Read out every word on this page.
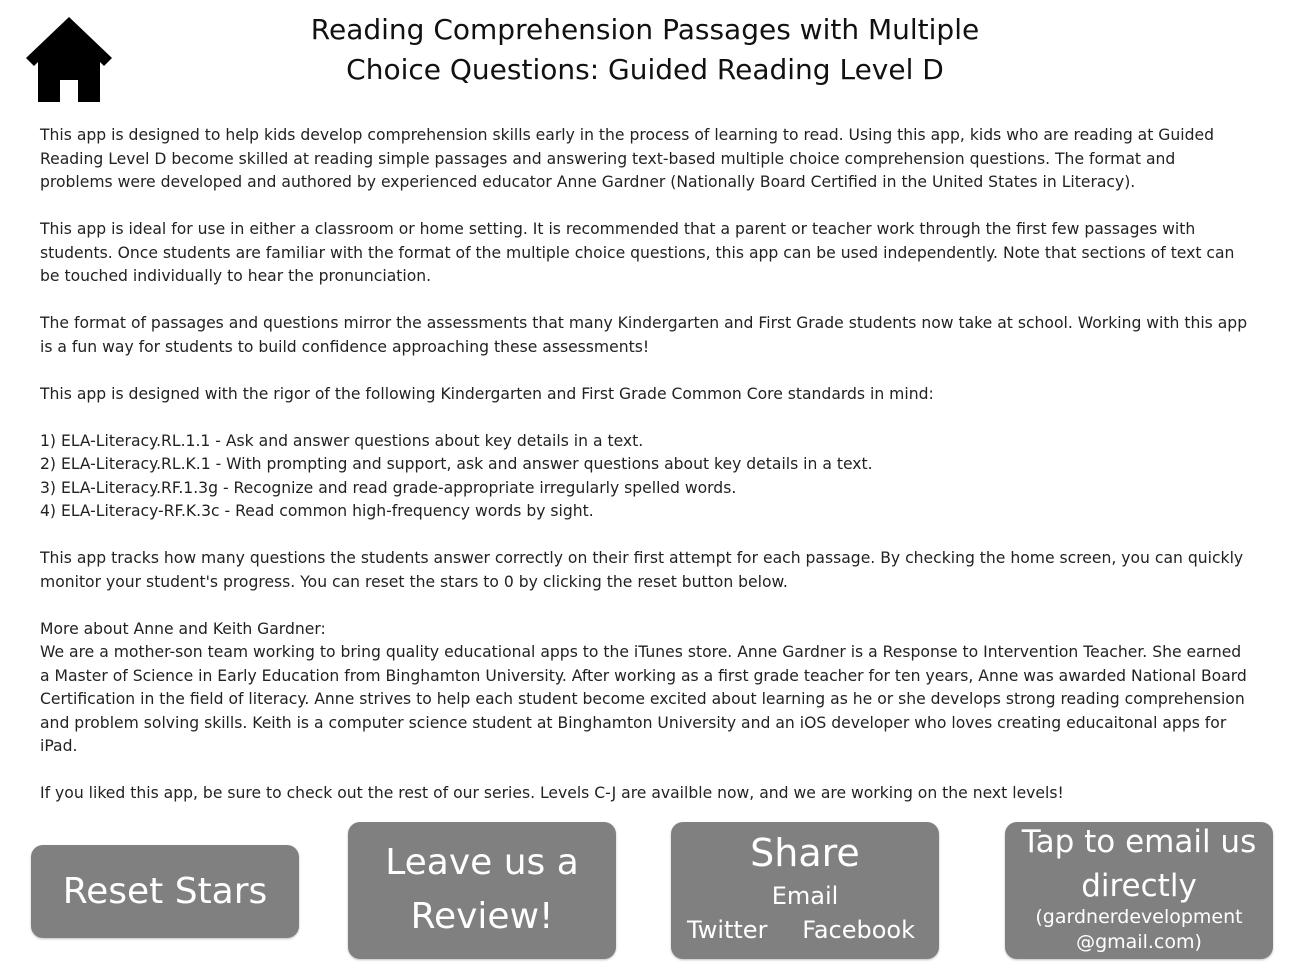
Reading Comprehension Passages with Multiple
Choice Questions: Guided Reading Level D

This app is designed to help kids develop comprehension skills early in the process of learning to read. Using this app, kids who are reading at Guided Reading Level D become skilled at reading simple passages and answering text-based multiple choice comprehension questions. The format and problems were developed and authored by experienced educator Anne Gardner (Nationally Board Certified in the United States in Literacy).

This app is ideal for use in either a classroom or home setting. It is recommended that a parent or teacher work through the first few passages with students. Once students are familiar with the format of the multiple choice questions, this app can be used independently. Note that sections of text can be touched individually to hear the pronunciation.

The format of passages and questions mirror the assessments that many Kindergarten and First Grade students now take at school. Working with this app is a fun way for students to build confidence approaching these assessments!

This app is designed with the rigor of the following Kindergarten and First Grade Common Core standards in mind:

1) ELA-Literacy.RL.1.1 - Ask and answer questions about key details in a text.

2) ELA-Literacy.RL.K.1 - With prompting and support, ask and answer questions about key details in a text.

3) ELA-Literacy.RF.1.3g - Recognize and read grade-appropriate irregularly spelled words.

4) ELA-Literacy-RF.K.3c - Read common high-frequency words by sight.

This app tracks how many questions the students answer correctly on their first attempt for each passage. By checking the home screen, you can quickly monitor your student's progress. You can reset the stars to 0 by clicking the reset button below.

More about Anne and Keith Gardner:

We are a mother-son team working to bring quality educational apps to the iTunes store. Anne Gardner is a Response to Intervention Teacher. She earned a Master of Science in Early Education from Binghamton University. After working as a first grade teacher for ten years, Anne was awarded National Board Certification in the field of literacy. Anne strives to help each student become excited about learning as he or she develops strong reading comprehension and problem solving skills. Keith is a computer science student at Binghamton University and an iOS developer who loves creating educaitonal apps for iPad.

If you liked this app, be sure to check out the rest of our series. Levels C-J are availble now, and we are working on the next levels!

Reset Stars
Leave us a
Review!
Share
Email
Twitter Facebook
Tap to email us
directly
(gardnerdevelopment
@gmail.com)
